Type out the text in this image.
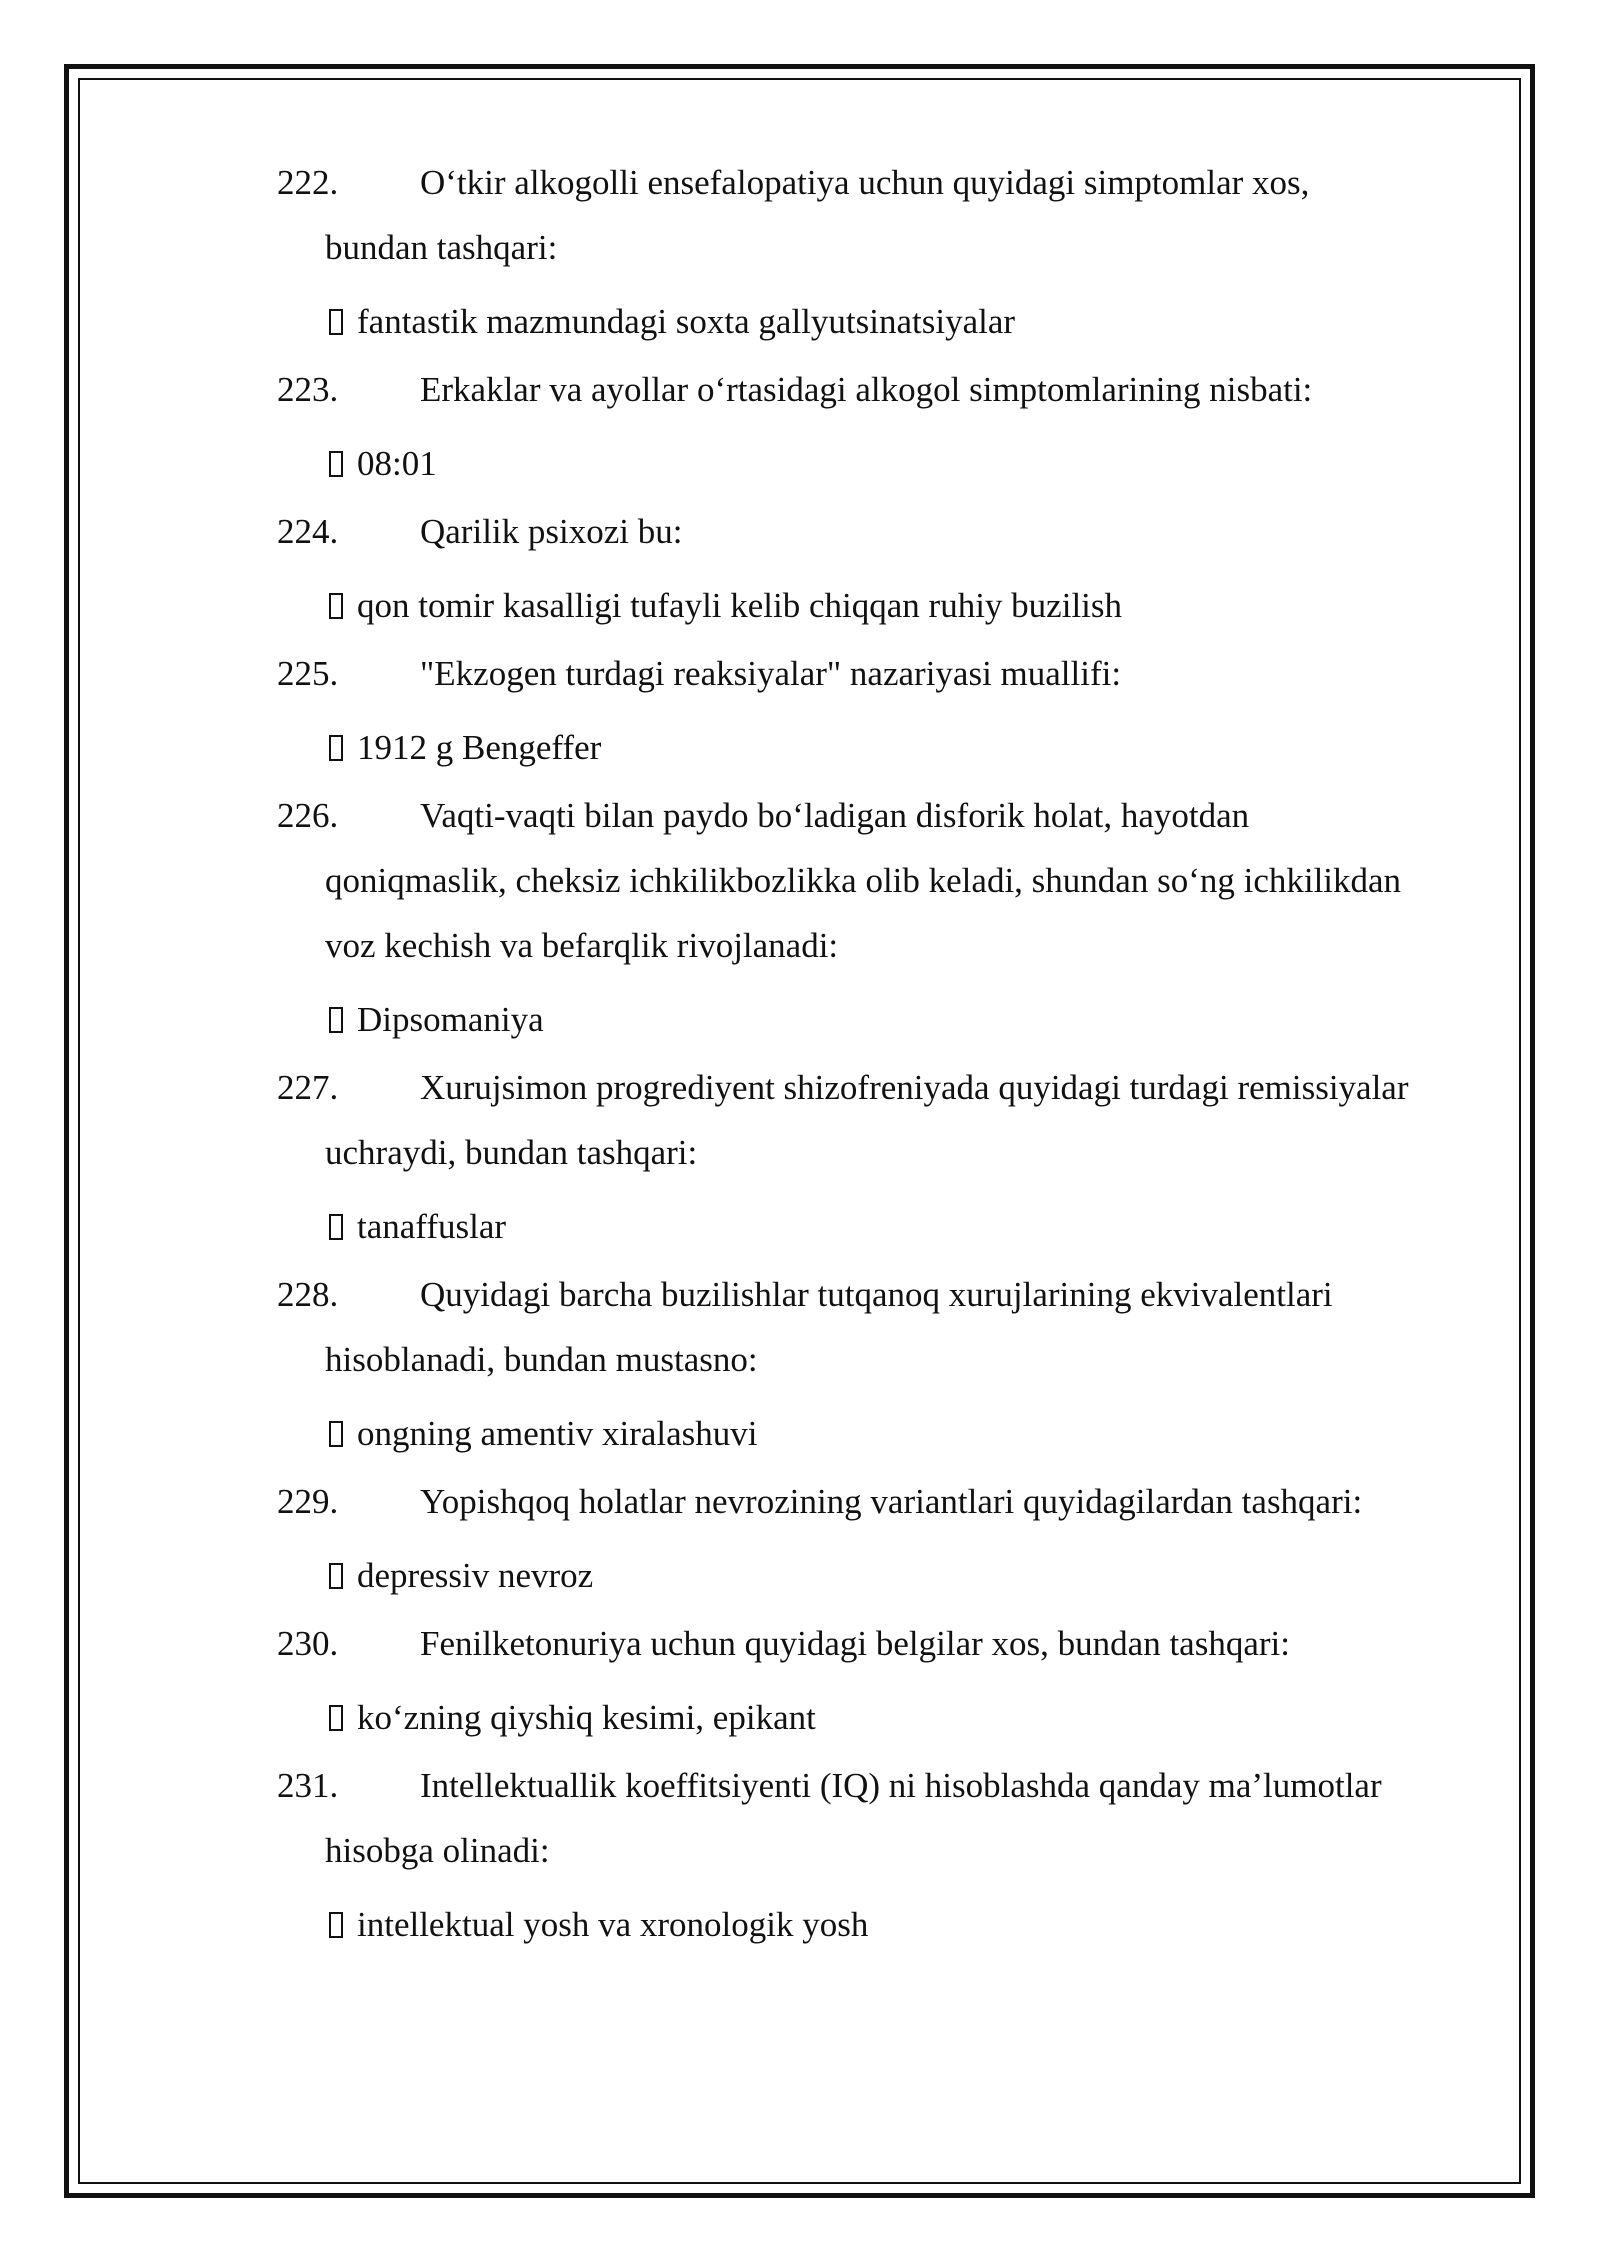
222.	O‘tkir alkogolli ensefalopatiya uchun quyidagi simptomlar xos,
bundan tashqari:
fantastik mazmundagi soxta gallyutsinatsiyalar
223.	Erkaklar va ayollar o‘rtasidagi alkogol simptomlarining nisbati:
08:01
224.	Qarilik psixozi bu:
qon tomir kasalligi tufayli kelib chiqqan ruhiy buzilish
225.	"Ekzogen turdagi reaksiyalar" nazariyasi muallifi:
1912 g Bengeffer
226.	Vaqti-vaqti bilan paydo bo‘ladigan disforik holat, hayotdan
qoniqmaslik, cheksiz ichkilikbozlikka olib keladi, shundan so‘ng ichkilikdan
voz kechish va befarqlik rivojlanadi:
Dipsomaniya
227.	Xurujsimon progrediyent shizofreniyada quyidagi turdagi remissiyalar
uchraydi, bundan tashqari:
tanaffuslar
228.	Quyidagi barcha buzilishlar tutqanoq xurujlarining ekvivalentlari
hisoblanadi, bundan mustasno:
ongning amentiv xiralashuvi
229.	Yopishqoq holatlar nevrozining variantlari quyidagilardan tashqari:
depressiv nevroz
230.	Fenilketonuriya uchun quyidagi belgilar xos, bundan tashqari:
ko‘zning qiyshiq kesimi, epikant
231.	Intellektuallik koeffitsiyenti (IQ) ni hisoblashda qanday ma’lumotlar
hisobga olinadi:
intellektual yosh va xronologik yosh
